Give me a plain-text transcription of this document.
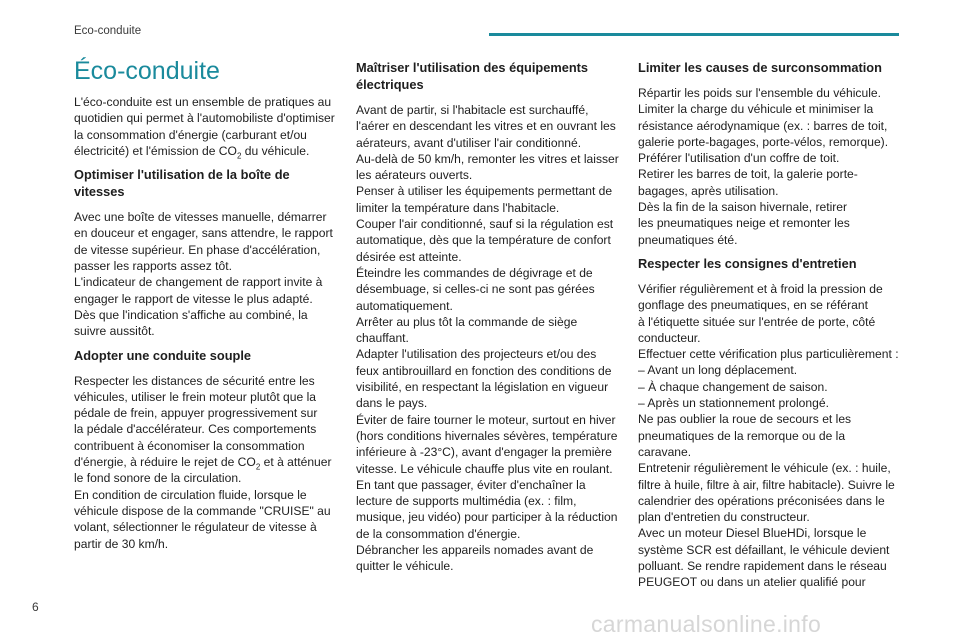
Eco-conduite
Éco-conduite

L'éco-conduite est un ensemble de pratiques au
quotidien qui permet à l'automobiliste d'optimiser
la consommation d'énergie (carburant et/ou
électricité) et l'émission de $CO_2$ du véhicule.

Optimiser l'utilisation de la boîte de
vitesses

Avec une boîte de vitesses manuelle, démarrer
en douceur et engager, sans attendre, le rapport
de vitesse supérieur. En phase d'accélération,
passer les rapports assez tôt.
L'indicateur de changement de rapport invite à
engager le rapport de vitesse le plus adapté.
Dès que l'indication s'affiche au combiné, la
suivre aussitôt.

Adopter une conduite souple

Respecter les distances de sécurité entre les
véhicules, utiliser le frein moteur plutôt que la
pédale de frein, appuyer progressivement sur
la pédale d'accélérateur. Ces comportements
contribuent à économiser la consommation
d'énergie, à réduire le rejet de $CO_2$ et à atténuer
le fond sonore de la circulation.
En condition de circulation fluide, lorsque le
véhicule dispose de la commande "CRUISE" au
volant, sélectionner le régulateur de vitesse à
partir de 30 km/h.

Maîtriser l'utilisation des équipements
électriques

Avant de partir, si l'habitacle est surchauffé,
l'aérer en descendant les vitres et en ouvrant les
aérateurs, avant d'utiliser l'air conditionné.
Au-delà de 50 km/h, remonter les vitres et laisser
les aérateurs ouverts.
Penser à utiliser les équipements permettant de
limiter la température dans l'habitacle.
Couper l'air conditionné, sauf si la régulation est
automatique, dès que la température de confort
désirée est atteinte.
Éteindre les commandes de dégivrage et de
désembuage, si celles-ci ne sont pas gérées
automatiquement.
Arrêter au plus tôt la commande de siège
chauffant.
Adapter l'utilisation des projecteurs et/ou des
feux antibrouillard en fonction des conditions de
visibilité, en respectant la législation en vigueur
dans le pays.
Éviter de faire tourner le moteur, surtout en hiver
(hors conditions hivernales sévères, température
inférieure à -23°C), avant d'engager la première
vitesse. Le véhicule chauffe plus vite en roulant.
En tant que passager, éviter d'enchaîner la
lecture de supports multimédia (ex. : film,
musique, jeu vidéo) pour participer à la réduction
de la consommation d'énergie.
Débrancher les appareils nomades avant de
quitter le véhicule.

Limiter les causes de surconsommation

Répartir les poids sur l'ensemble du véhicule.
Limiter la charge du véhicule et minimiser la
résistance aérodynamique (ex. : barres de toit,
galerie porte-bagages, porte-vélos, remorque).
Préférer l'utilisation d'un coffre de toit.
Retirer les barres de toit, la galerie porte-
bagages, après utilisation.
Dès la fin de la saison hivernale, retirer
les pneumatiques neige et remonter les
pneumatiques été.

Respecter les consignes d'entretien

Vérifier régulièrement et à froid la pression de
gonflage des pneumatiques, en se référant
à l'étiquette située sur l'entrée de porte, côté
conducteur.
Effectuer cette vérification plus particulièrement :
– Avant un long déplacement.
– À chaque changement de saison.
– Après un stationnement prolongé.
Ne pas oublier la roue de secours et les
pneumatiques de la remorque ou de la
caravane.
Entretenir régulièrement le véhicule (ex. : huile,
filtre à huile, filtre à air, filtre habitacle). Suivre le
calendrier des opérations préconisées dans le
plan d'entretien du constructeur.
Avec un moteur Diesel BlueHDi, lorsque le
système SCR est défaillant, le véhicule devient
polluant. Se rendre rapidement dans le réseau
PEUGEOT ou dans un atelier qualifié pour

6
carmanualsonline.info
